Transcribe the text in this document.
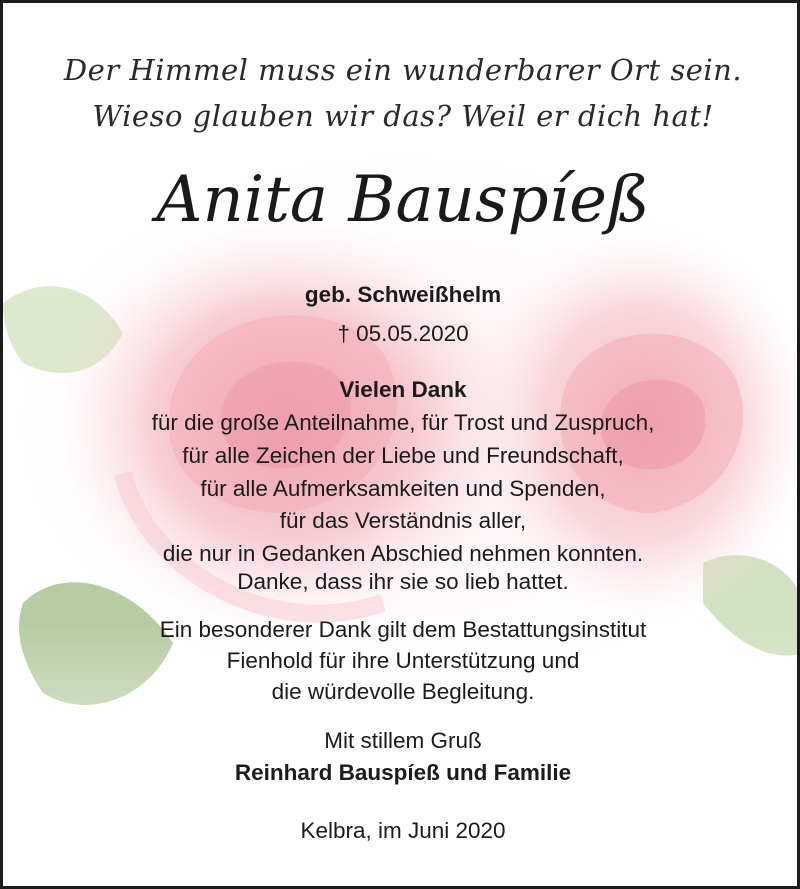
Der Himmel muss ein wunderbarer Ort sein.
Wieso glauben wir das? Weil er dich hat!
Anita Bauspíeß
geb. Schweißhelm
† 05.05.2020
Vielen Dank
für die große Anteilnahme, für Trost und Zuspruch,
für alle Zeichen der Liebe und Freundschaft,
für alle Aufmerksamkeiten und Spenden,
für das Verständnis aller,
die nur in Gedanken Abschied nehmen konnten.
Danke, dass ihr sie so lieb hattet.
Ein besonderer Dank gilt dem Bestattungsinstitut
Fienhold für ihre Unterstützung und
die würdevolle Begleitung.
Mit stillem Gruß
Reinhard Bauspíeß und Familie
Kelbra, im Juni 2020
